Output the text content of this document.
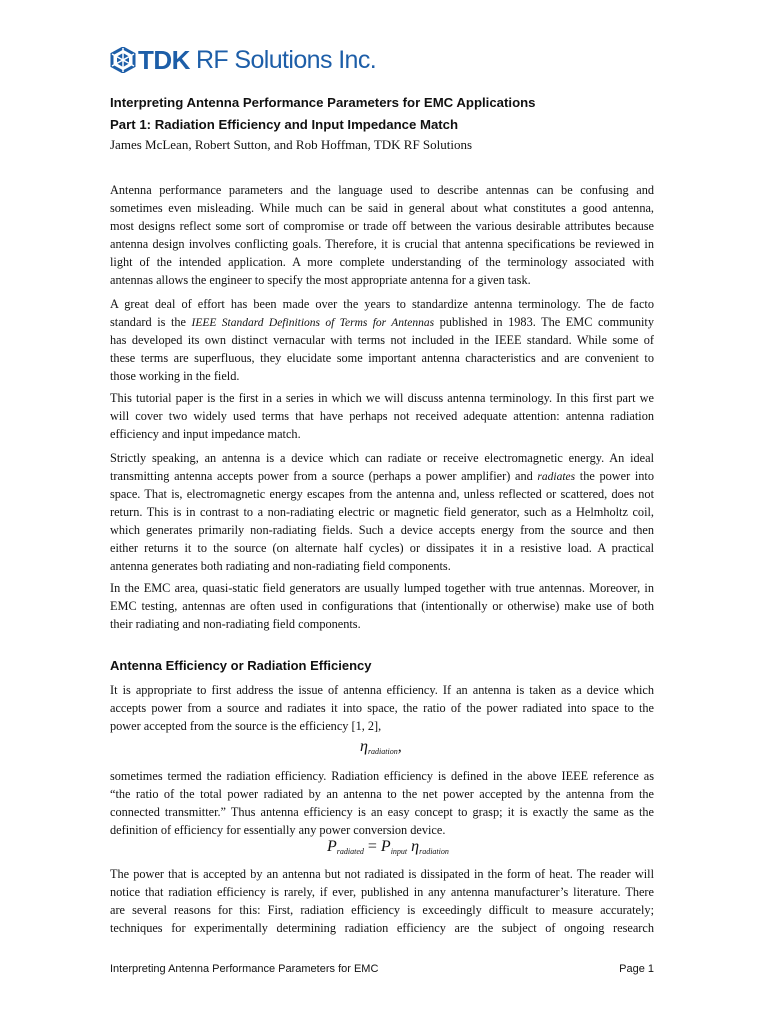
TDK RF Solutions Inc.
Interpreting Antenna Performance Parameters for EMC Applications
Part 1: Radiation Efficiency and Input Impedance Match
James McLean, Robert Sutton, and Rob Hoffman, TDK RF Solutions
Antenna performance parameters and the language used to describe antennas can be confusing and
sometimes even misleading. While much can be said in general about what constitutes a good antenna,
most designs reflect some sort of compromise or trade off between the various desirable attributes because
antenna design involves conflicting goals. Therefore, it is crucial that antenna specifications be reviewed in
light of the intended application. A more complete understanding of the terminology associated with
antennas allows the engineer to specify the most appropriate antenna for a given task.
A great deal of effort has been made over the years to standardize antenna terminology. The de facto
standard is the IEEE Standard Definitions of Terms for Antennas published in 1983. The EMC community
has developed its own distinct vernacular with terms not included in the IEEE standard. While some of
these terms are superfluous, they elucidate some important antenna characteristics and are convenient to
those working in the field.
This tutorial paper is the first in a series in which we will discuss antenna terminology. In this first part we
will cover two widely used terms that have perhaps not received adequate attention: antenna radiation
efficiency and input impedance match.
Strictly speaking, an antenna is a device which can radiate or receive electromagnetic energy. An ideal
transmitting antenna accepts power from a source (perhaps a power amplifier) and radiates the power into
space. That is, electromagnetic energy escapes from the antenna and, unless reflected or scattered, does not
return. This is in contrast to a non-radiating electric or magnetic field generator, such as a Helmholtz coil,
which generates primarily non-radiating fields. Such a device accepts energy from the source and then
either returns it to the source (on alternate half cycles) or dissipates it in a resistive load. A practical
antenna generates both radiating and non-radiating field components.
In the EMC area, quasi-static field generators are usually lumped together with true antennas. Moreover, in
EMC testing, antennas are often used in configurations that (intentionally or otherwise) make use of both
their radiating and non-radiating field components.
Antenna Efficiency or Radiation Efficiency
It is appropriate to first address the issue of antenna efficiency. If an antenna is taken as a device which
accepts power from a source and radiates it into space, the ratio of the power radiated into space to the
power accepted from the source is the efficiency [1, 2],
$\eta_{radiation}$,
sometimes termed the radiation efficiency. Radiation efficiency is defined in the above IEEE reference as
“the ratio of the total power radiated by an antenna to the net power accepted by the antenna from the
connected transmitter.” Thus antenna efficiency is an easy concept to grasp; it is exactly the same as the
definition of efficiency for essentially any power conversion device.
$P_{radiated} = P_{input}$ $\eta_{radiation}$
The power that is accepted by an antenna but not radiated is dissipated in the form of heat. The reader will
notice that radiation efficiency is rarely, if ever, published in any antenna manufacturer’s literature. There
are several reasons for this: First, radiation efficiency is exceedingly difficult to measure accurately;
techniques for experimentally determining radiation efficiency are the subject of ongoing research
Interpreting Antenna Performance Parameters for EMC	Page 1
